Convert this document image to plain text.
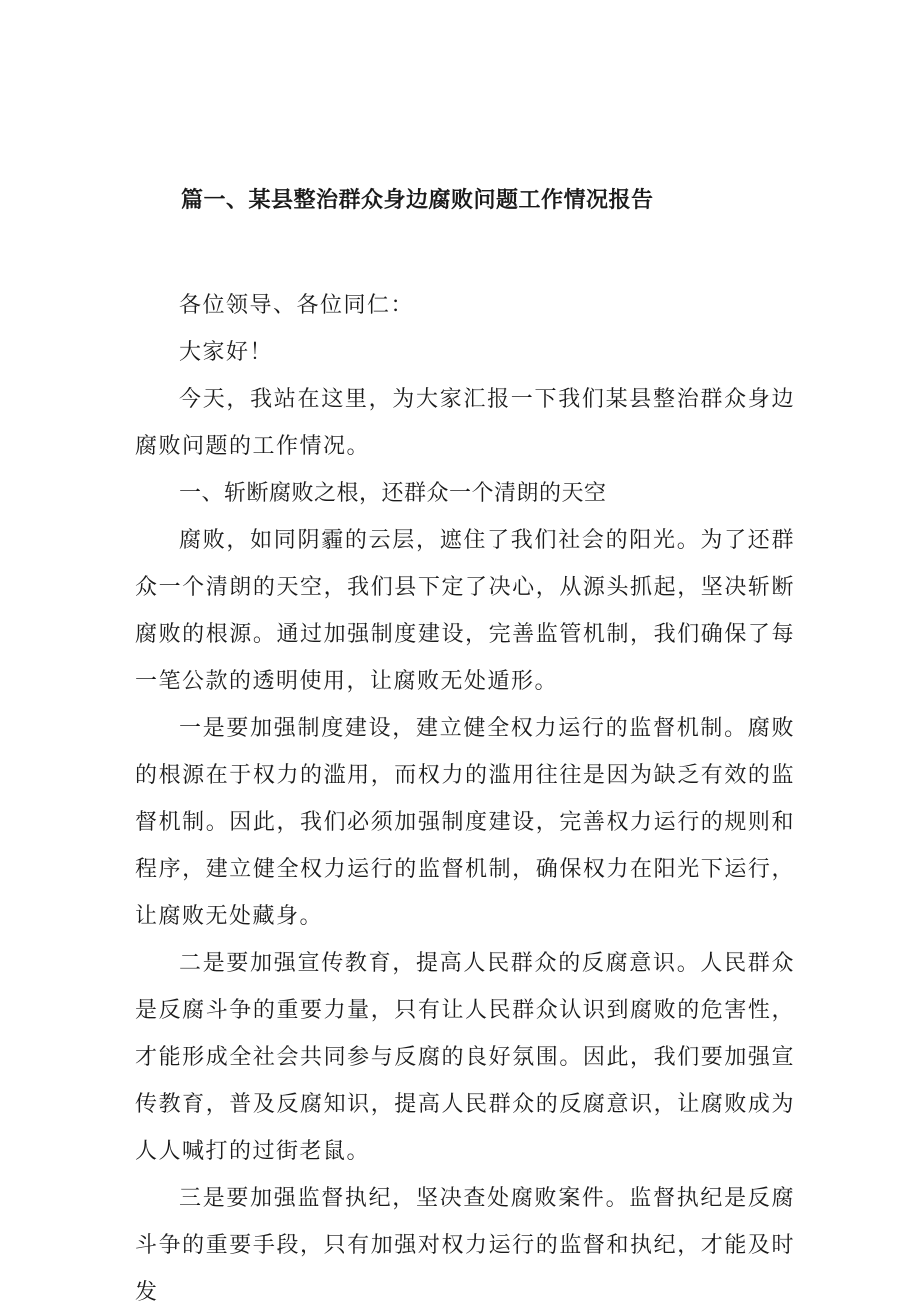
篇一、某县整治群众身边腐败问题工作情况报告

各位领导、各位同仁：

大家好！

今天，我站在这里，为大家汇报一下我们某县整治群众身边腐败问题的工作情况。

一、斩断腐败之根，还群众一个清朗的天空

腐败，如同阴霾的云层，遮住了我们社会的阳光。为了还群众一个清朗的天空，我们县下定了决心，从源头抓起，坚决斩断腐败的根源。通过加强制度建设，完善监管机制，我们确保了每一笔公款的透明使用，让腐败无处遁形。

一是要加强制度建设，建立健全权力运行的监督机制。腐败的根源在于权力的滥用，而权力的滥用往往是因为缺乏有效的监督机制。因此，我们必须加强制度建设，完善权力运行的规则和程序，建立健全权力运行的监督机制，确保权力在阳光下运行，让腐败无处藏身。

二是要加强宣传教育，提高人民群众的反腐意识。人民群众是反腐斗争的重要力量，只有让人民群众认识到腐败的危害性，才能形成全社会共同参与反腐的良好氛围。因此，我们要加强宣传教育，普及反腐知识，提高人民群众的反腐意识，让腐败成为人人喊打的过街老鼠。

三是要加强监督执纪，坚决查处腐败案件。监督执纪是反腐斗争的重要手段，只有加强对权力运行的监督和执纪，才能及时发
